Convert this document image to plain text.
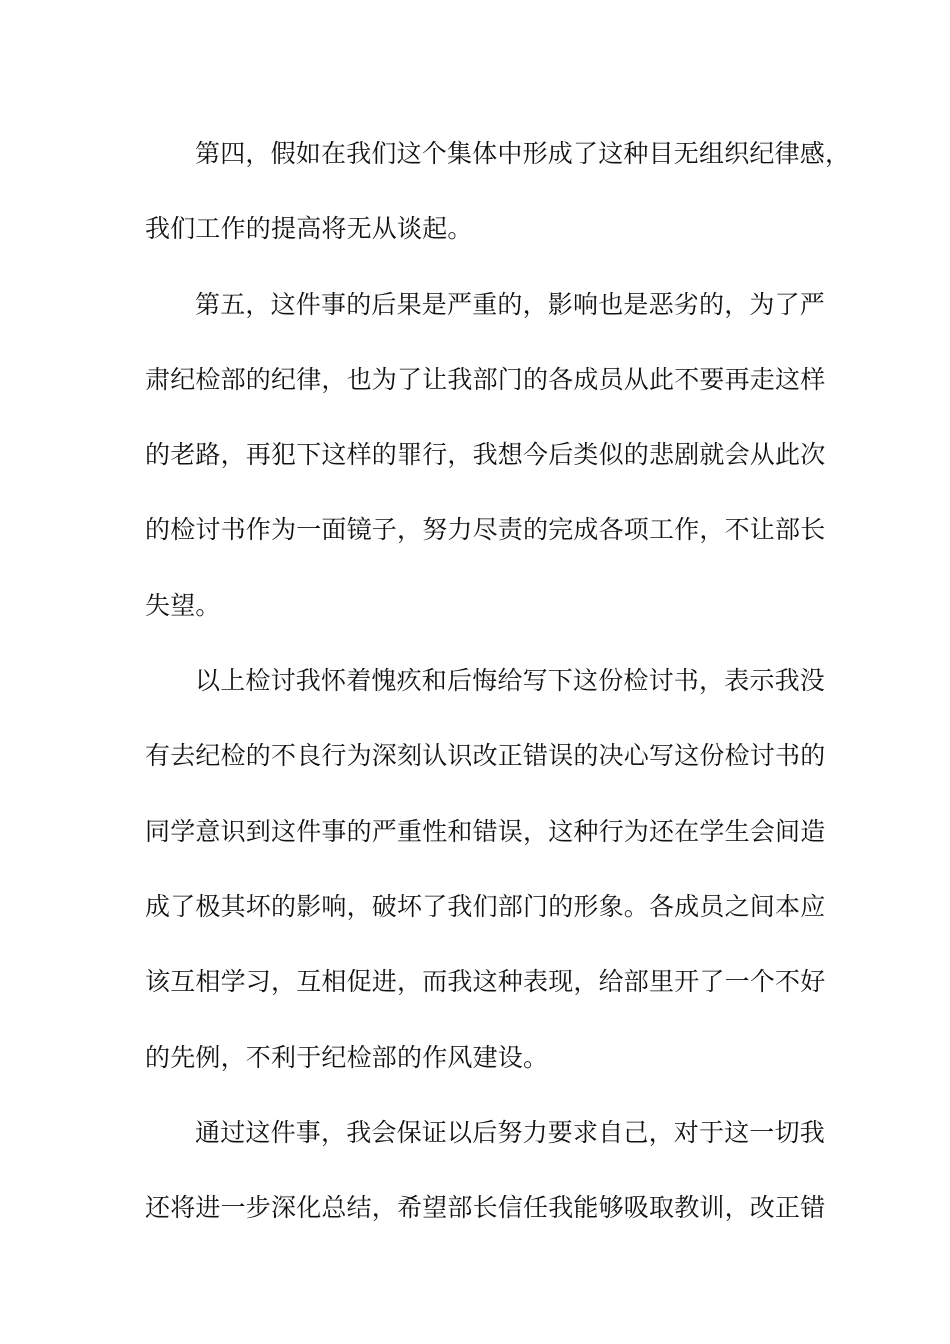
第四，假如在我们这个集体中形成了这种目无组织纪律感，
我们工作的提高将无从谈起。
第五，这件事的后果是严重的，影响也是恶劣的，为了严
肃纪检部的纪律，也为了让我部门的各成员从此不要再走这样
的老路，再犯下这样的罪行，我想今后类似的悲剧就会从此次
的检讨书作为一面镜子，努力尽责的完成各项工作，不让部长
失望。
以上检讨我怀着愧疚和后悔给写下这份检讨书，表示我没
有去纪检的不良行为深刻认识改正错误的决心写这份检讨书的
同学意识到这件事的严重性和错误，这种行为还在学生会间造
成了极其坏的影响，破坏了我们部门的形象。各成员之间本应
该互相学习，互相促进，而我这种表现，给部里开了一个不好
的先例，不利于纪检部的作风建设。
通过这件事，我会保证以后努力要求自己，对于这一切我
还将进一步深化总结，希望部长信任我能够吸取教训，改正错
